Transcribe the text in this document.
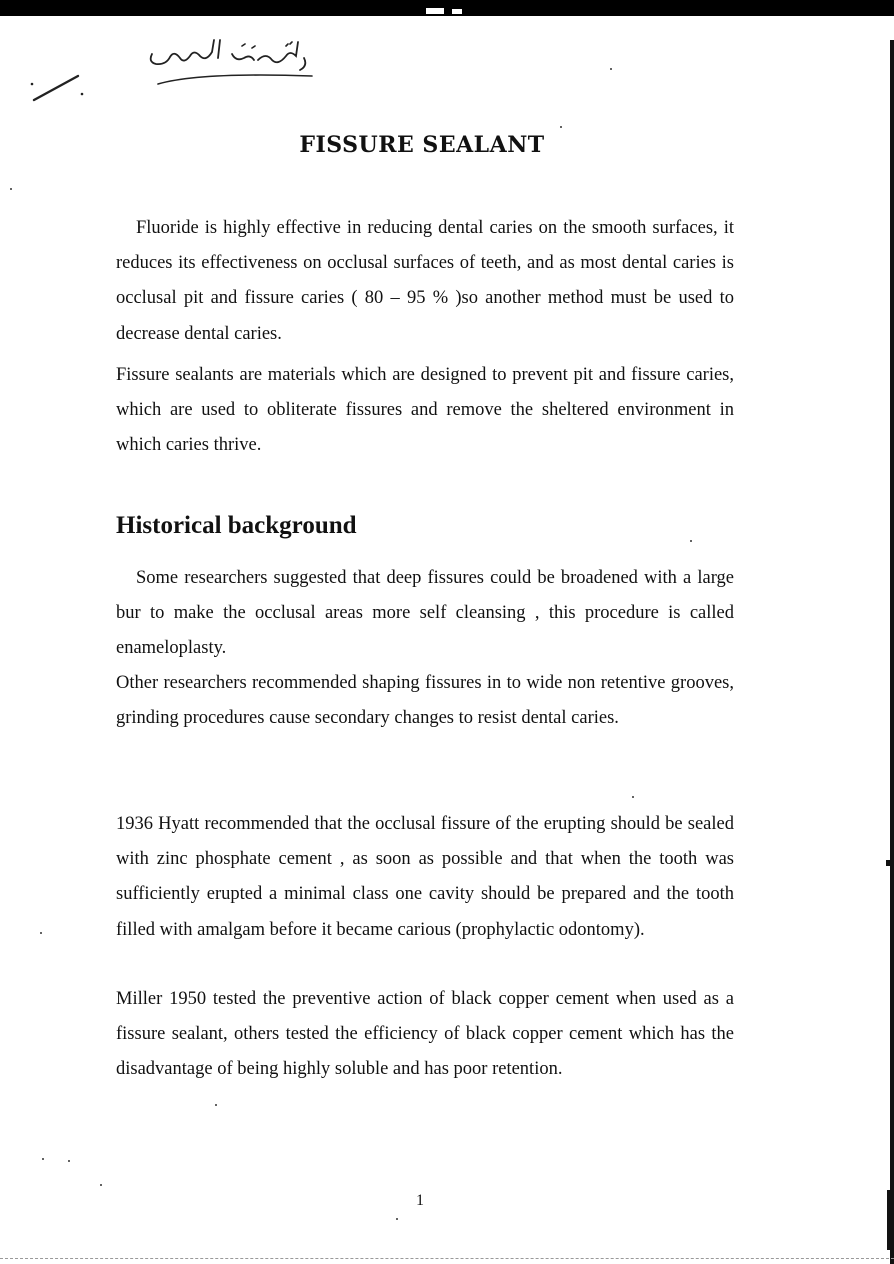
FISSURE SEALANT

Fluoride is highly effective in reducing dental caries on the smooth surfaces, it reduces its effectiveness on occlusal surfaces of teeth, and as most dental caries is occlusal pit and fissure caries ( 80 – 95 % )so another method must be used to decrease dental caries.

Fissure sealants are materials which are designed to prevent pit and fissure caries, which are used to obliterate fissures and remove the sheltered environment in which caries thrive.

Historical background

Some researchers suggested that deep fissures could be broadened with a large bur to make the occlusal areas more self cleansing , this procedure is called enameloplasty.

Other researchers recommended shaping fissures in to wide non retentive grooves, grinding procedures cause secondary changes to resist dental caries.

1936 Hyatt recommended that the occlusal fissure of the erupting should be sealed with zinc phosphate cement , as soon as possible and that when the tooth was sufficiently erupted a minimal class one cavity should be prepared and the tooth filled with amalgam before it became carious (prophylactic odontomy).

Miller 1950 tested the preventive action of black copper cement when used as a fissure sealant, others tested the efficiency of black copper cement which has the disadvantage of being highly soluble and has poor retention.

1
